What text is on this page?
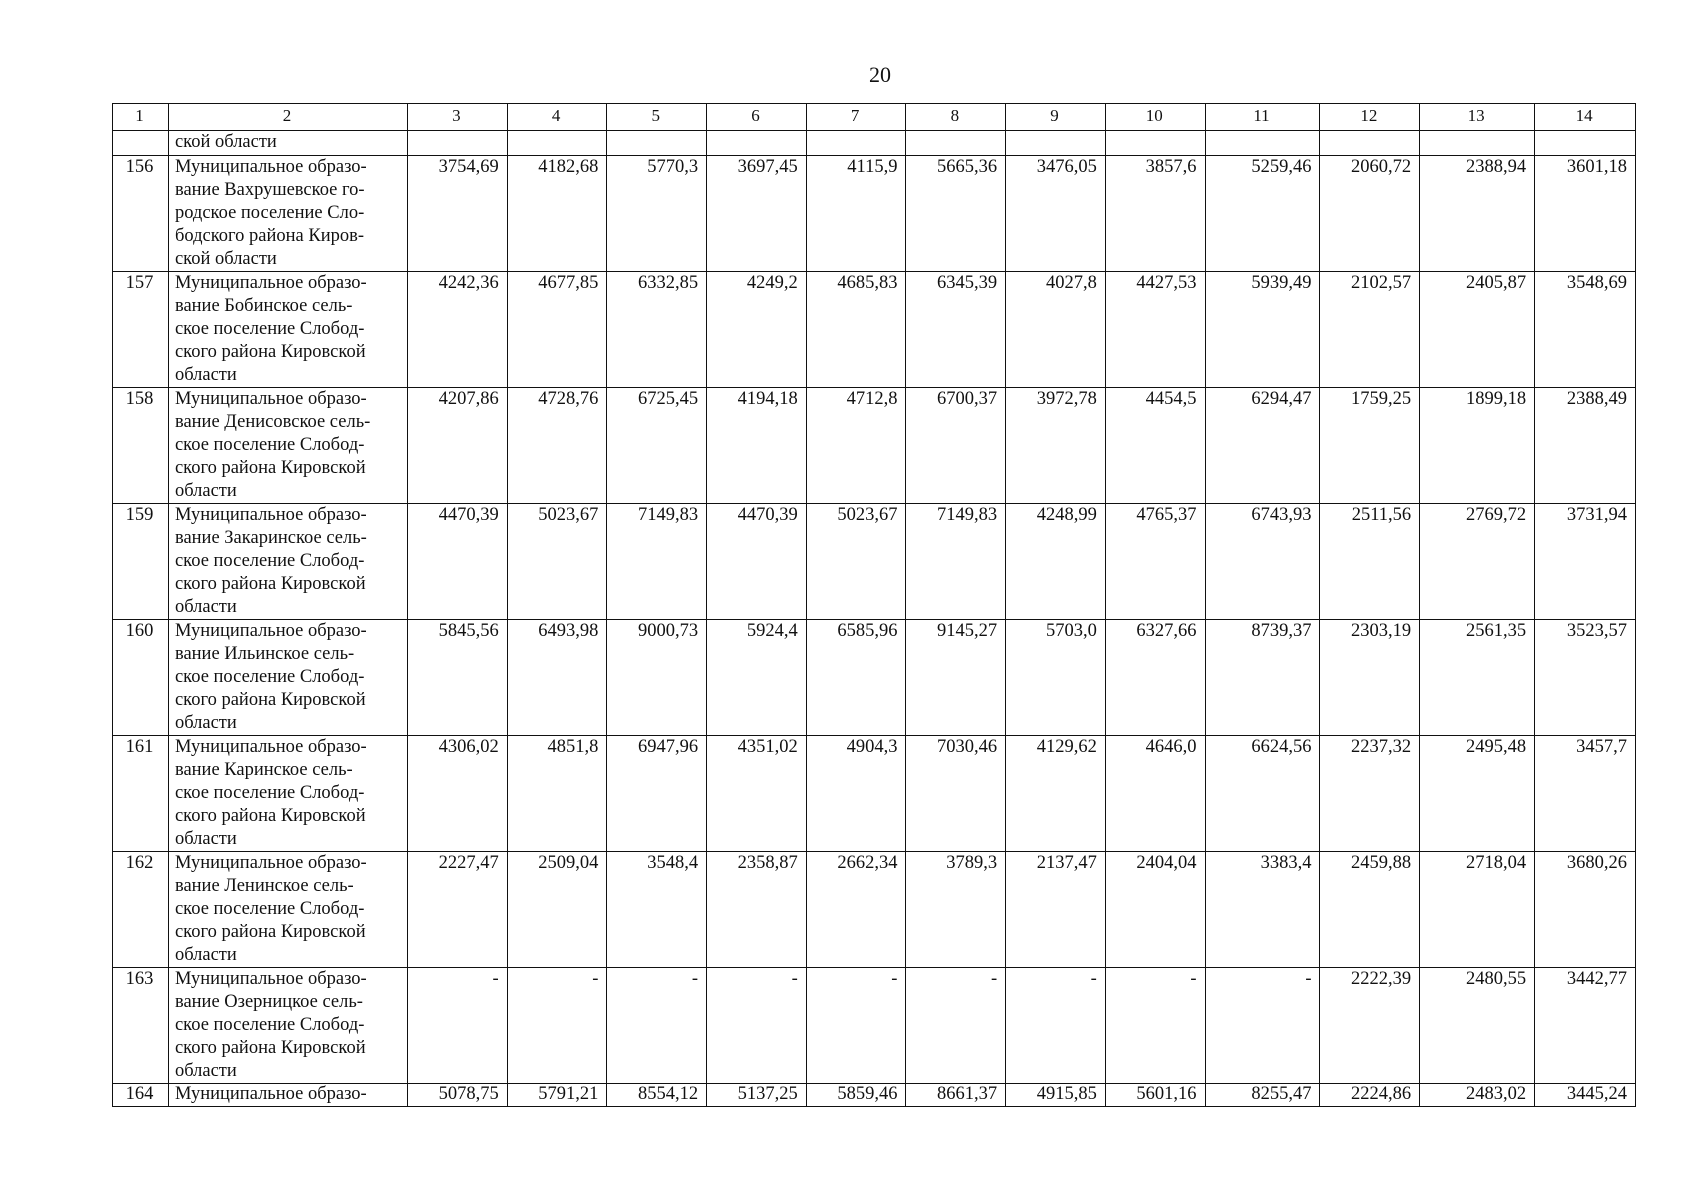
20
1	2	3	4	5	6	7	8	9	10	11	12	13	14
	ской области												
156	Муниципальное образо-
вание Вахрушевское го-
родское поселение Сло-
бодского района Киров-
ской области	3754,69	4182,68	5770,3	3697,45	4115,9	5665,36	3476,05	3857,6	5259,46	2060,72	2388,94	3601,18
157	Муниципальное образо-
вание Бобинское сель-
ское поселение Слобод-
ского района Кировской
области	4242,36	4677,85	6332,85	4249,2	4685,83	6345,39	4027,8	4427,53	5939,49	2102,57	2405,87	3548,69
158	Муниципальное образо-
вание Денисовское сель-
ское поселение Слобод-
ского района Кировской
области	4207,86	4728,76	6725,45	4194,18	4712,8	6700,37	3972,78	4454,5	6294,47	1759,25	1899,18	2388,49
159	Муниципальное образо-
вание Закаринское сель-
ское поселение Слобод-
ского района Кировской
области	4470,39	5023,67	7149,83	4470,39	5023,67	7149,83	4248,99	4765,37	6743,93	2511,56	2769,72	3731,94
160	Муниципальное образо-
вание Ильинское сель-
ское поселение Слобод-
ского района Кировской
области	5845,56	6493,98	9000,73	5924,4	6585,96	9145,27	5703,0	6327,66	8739,37	2303,19	2561,35	3523,57
161	Муниципальное образо-
вание Каринское сель-
ское поселение Слобод-
ского района Кировской
области	4306,02	4851,8	6947,96	4351,02	4904,3	7030,46	4129,62	4646,0	6624,56	2237,32	2495,48	3457,7
162	Муниципальное образо-
вание Ленинское сель-
ское поселение Слобод-
ского района Кировской
области	2227,47	2509,04	3548,4	2358,87	2662,34	3789,3	2137,47	2404,04	3383,4	2459,88	2718,04	3680,26
163	Муниципальное образо-
вание Озерницкое сель-
ское поселение Слобод-
ского района Кировской
области	-	-	-	-	-	-	-	-	-	2222,39	2480,55	3442,77
164	Муниципальное образо-	5078,75	5791,21	8554,12	5137,25	5859,46	8661,37	4915,85	5601,16	8255,47	2224,86	2483,02	3445,24
